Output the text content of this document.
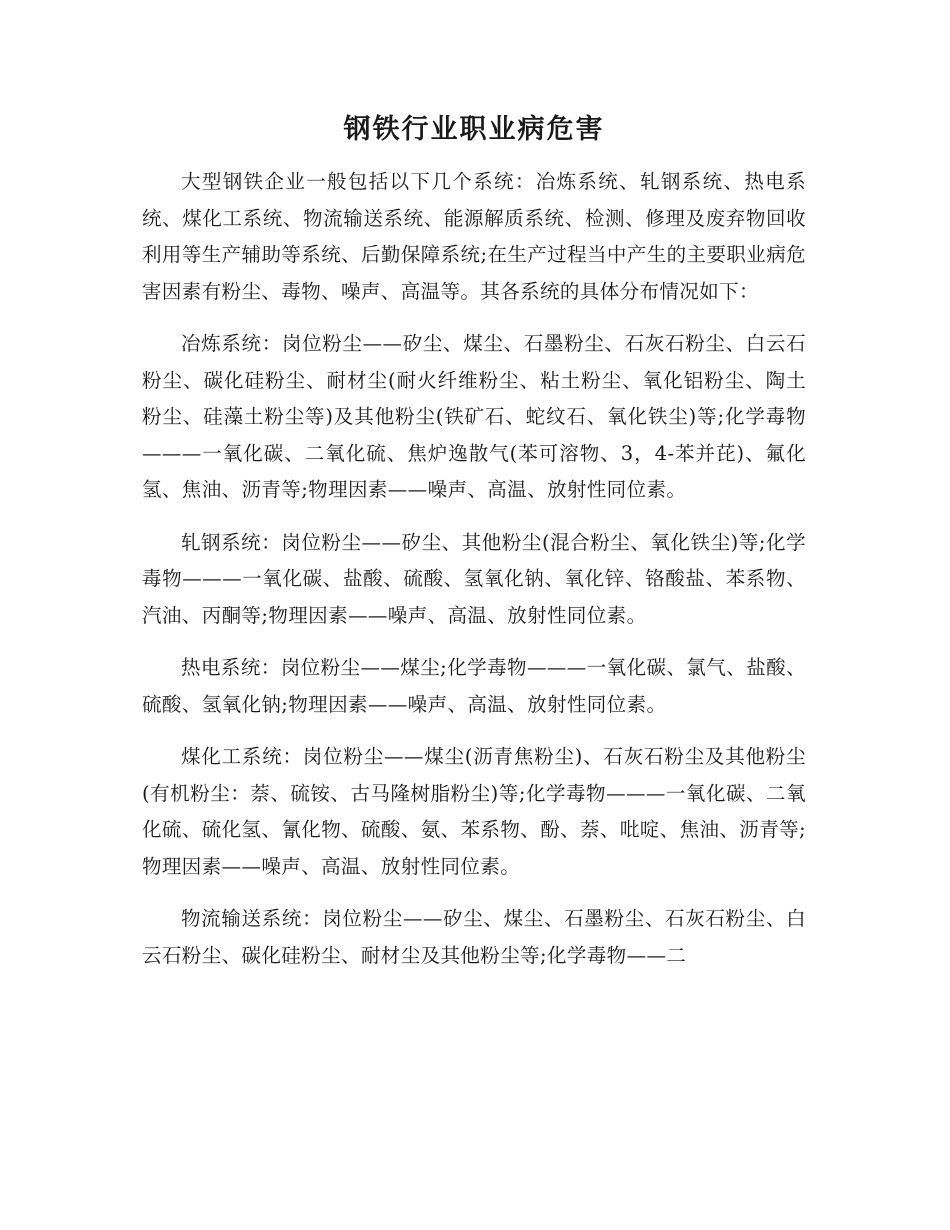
钢铁行业职业病危害

大型钢铁企业一般包括以下几个系统：冶炼系统、轧钢系统、热电系统、煤化工系统、物流输送系统、能源解质系统、检测、修理及废弃物回收利用等生产辅助等系统、后勤保障系统;在生产过程当中产生的主要职业病危害因素有粉尘、毒物、噪声、高温等。其各系统的具体分布情况如下：

冶炼系统：岗位粉尘——矽尘、煤尘、石墨粉尘、石灰石粉尘、白云石粉尘、碳化硅粉尘、耐材尘(耐火纤维粉尘、粘土粉尘、氧化铝粉尘、陶土粉尘、硅藻土粉尘等)及其他粉尘(铁矿石、蛇纹石、氧化铁尘)等;化学毒物———一氧化碳、二氧化硫、焦炉逸散气(苯可溶物、3，4-苯并芘)、氟化氢、焦油、沥青等;物理因素——噪声、高温、放射性同位素。

轧钢系统：岗位粉尘——矽尘、其他粉尘(混合粉尘、氧化铁尘)等;化学毒物———一氧化碳、盐酸、硫酸、氢氧化钠、氧化锌、铬酸盐、苯系物、汽油、丙酮等;物理因素——噪声、高温、放射性同位素。

热电系统：岗位粉尘——煤尘;化学毒物———一氧化碳、氯气、盐酸、硫酸、氢氧化钠;物理因素——噪声、高温、放射性同位素。

煤化工系统：岗位粉尘——煤尘(沥青焦粉尘)、石灰石粉尘及其他粉尘(有机粉尘：萘、硫铵、古马隆树脂粉尘)等;化学毒物———一氧化碳、二氧化硫、硫化氢、氰化物、硫酸、氨、苯系物、酚、萘、吡啶、焦油、沥青等;物理因素——噪声、高温、放射性同位素。

物流输送系统：岗位粉尘——矽尘、煤尘、石墨粉尘、石灰石粉尘、白云石粉尘、碳化硅粉尘、耐材尘及其他粉尘等;化学毒物——二
